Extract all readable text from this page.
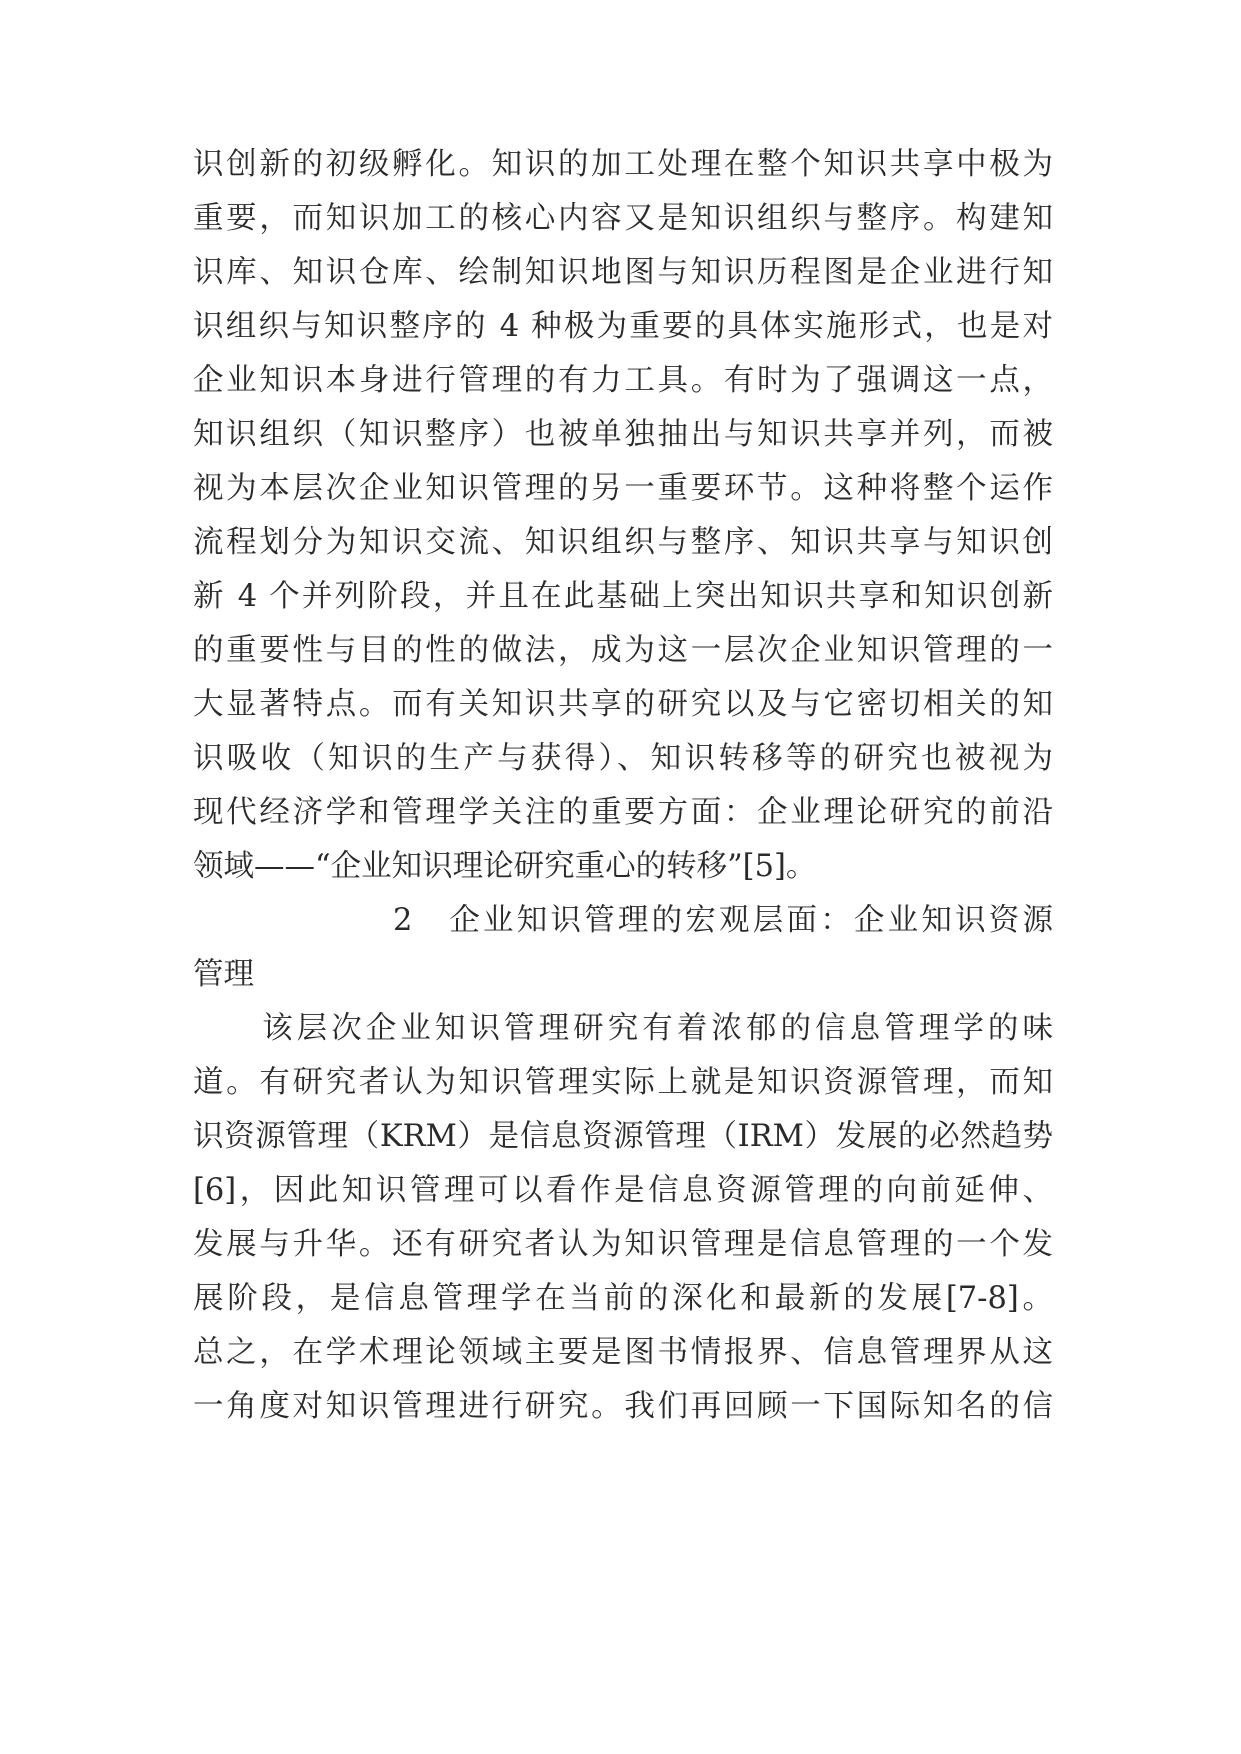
识创新的初级孵化。知识的加工处理在整个知识共享中极为
重要，而知识加工的核心内容又是知识组织与整序。构建知
识库、知识仓库、绘制知识地图与知识历程图是企业进行知
识组织与知识整序的 4 种极为重要的具体实施形式，也是对
企业知识本身进行管理的有力工具。有时为了强调这一点，
知识组织（知识整序）也被单独抽出与知识共享并列，而被
视为本层次企业知识管理的另一重要环节。这种将整个运作
流程划分为知识交流、知识组织与整序、知识共享与知识创
新 4 个并列阶段，并且在此基础上突出知识共享和知识创新
的重要性与目的性的做法，成为这一层次企业知识管理的一
大显著特点。而有关知识共享的研究以及与它密切相关的知
识吸收（知识的生产与获得）、知识转移等的研究也被视为
现代经济学和管理学关注的重要方面：企业理论研究的前沿
领域——“企业知识理论研究重心的转移”[5]。
2　企业知识管理的宏观层面：企业知识资源
管理
　　该层次企业知识管理研究有着浓郁的信息管理学的味
道。有研究者认为知识管理实际上就是知识资源管理，而知
识资源管理（KRM）是信息资源管理（IRM）发展的必然趋势
[6]，因此知识管理可以看作是信息资源管理的向前延伸、
发展与升华。还有研究者认为知识管理是信息管理的一个发
展阶段，是信息管理学在当前的深化和最新的发展[7-8]。
总之，在学术理论领域主要是图书情报界、信息管理界从这
一角度对知识管理进行研究。我们再回顾一下国际知名的信
